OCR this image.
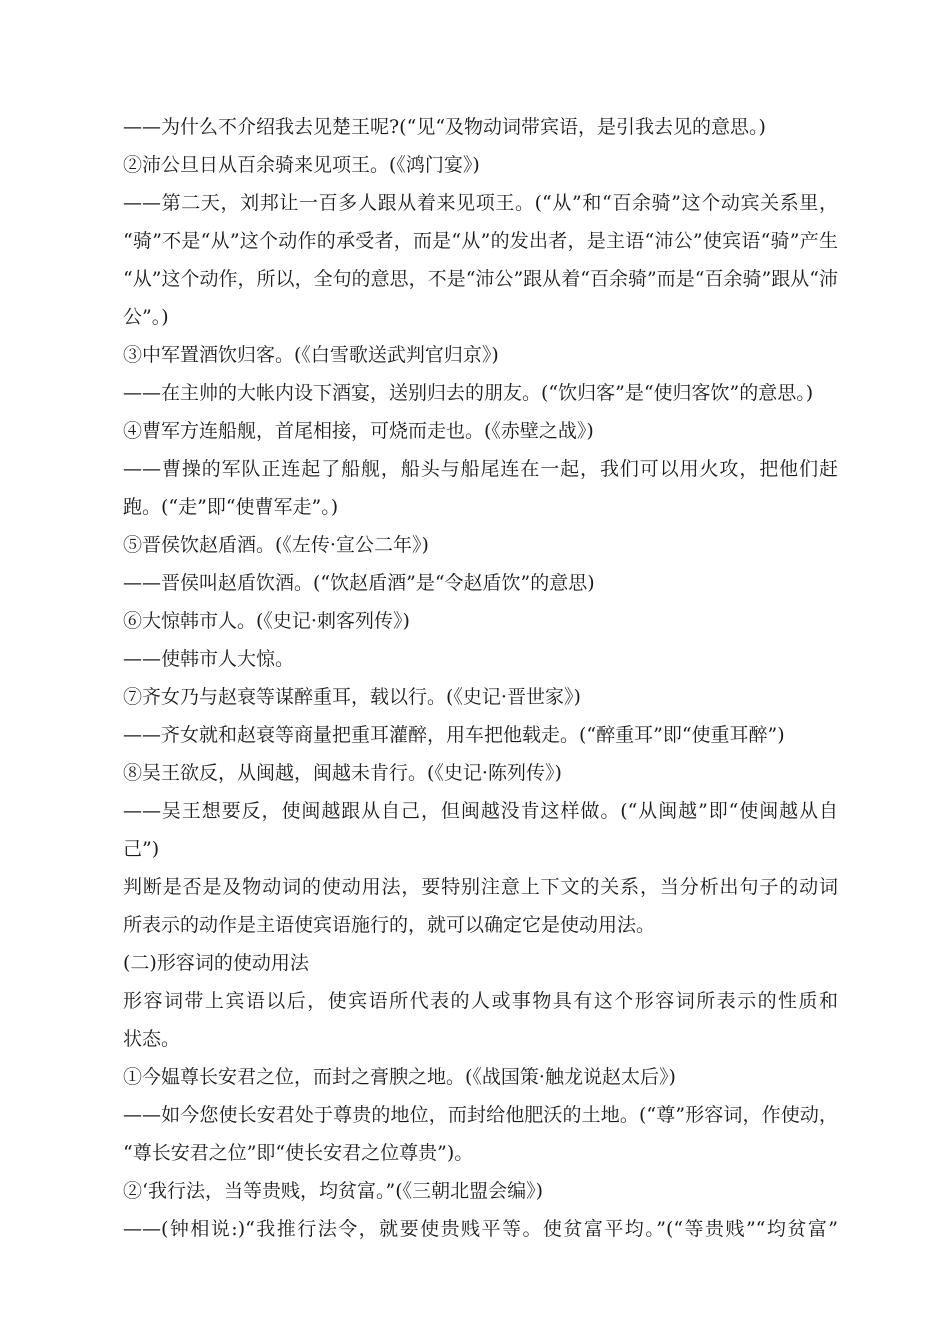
——为什么不介绍我去见楚王呢?(“见“及物动词带宾语，是引我去见的意思。)
②沛公旦日从百余骑来见项王。(《鸿门宴》)
——第二天，刘邦让一百多人跟从着来见项王。(“从”和“百余骑”这个动宾关系里，
“骑”不是“从”这个动作的承受者，而是“从”的发出者，是主语“沛公”使宾语“骑”产生
“从”这个动作，所以，全句的意思，不是“沛公”跟从着“百余骑”而是“百余骑”跟从“沛
公”。)
③中军置酒饮归客。(《白雪歌送武判官归京》)
——在主帅的大帐内设下酒宴，送别归去的朋友。(“饮归客”是“使归客饮”的意思。)
④曹军方连船舰，首尾相接，可烧而走也。(《赤壁之战》)
——曹操的军队正连起了船舰，船头与船尾连在一起，我们可以用火攻，把他们赶
跑。(“走”即“使曹军走”。)
⑤晋侯饮赵盾酒。(《左传·宣公二年》)
——晋侯叫赵盾饮酒。(“饮赵盾酒”是“令赵盾饮”的意思)
⑥大惊韩市人。(《史记·刺客列传》)
——使韩市人大惊。
⑦齐女乃与赵衰等谋醉重耳，载以行。(《史记·晋世家》)
——齐女就和赵衰等商量把重耳灌醉，用车把他载走。(“醉重耳”即“使重耳醉”)
⑧吴王欲反，从闽越，闽越未肯行。(《史记·陈列传》)
——吴王想要反，使闽越跟从自己，但闽越没肯这样做。(“从闽越”即“使闽越从自
己”)
判断是否是及物动词的使动用法，要特别注意上下文的关系，当分析出句子的动词
所表示的动作是主语使宾语施行的，就可以确定它是使动用法。
(二)形容词的使动用法
形容词带上宾语以后，使宾语所代表的人或事物具有这个形容词所表示的性质和
状态。
①今媪尊长安君之位，而封之膏腴之地。(《战国策·触龙说赵太后》)
——如今您使长安君处于尊贵的地位，而封给他肥沃的土地。(“尊”形容词，作使动，
“尊长安君之位”即“使长安君之位尊贵”)。
②‘我行法，当等贵贱，均贫富。”(《三朝北盟会编》)
——(钟相说:)“我推行法令，就要使贵贱平等。使贫富平均。”(“等贵贱”“均贫富”
